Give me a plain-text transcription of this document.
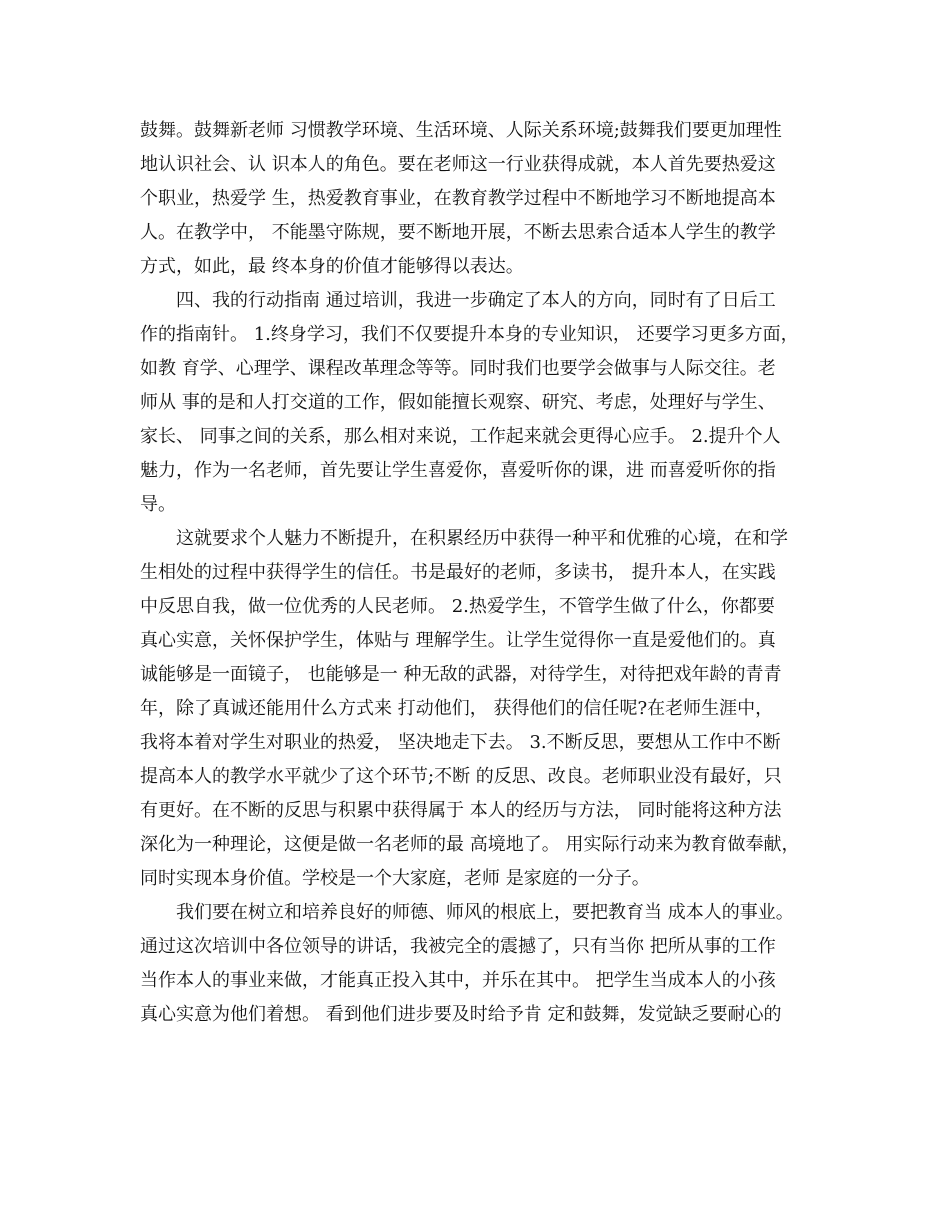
鼓舞。鼓舞新老师 习惯教学环境、生活环境、人际关系环境;鼓舞我们要更加理性
地认识社会、认 识本人的角色。要在老师这一行业获得成就，本人首先要热爱这
个职业，热爱学 生，热爱教育事业，在教育教学过程中不断地学习不断地提高本
人。在教学中， 不能墨守陈规，要不断地开展，不断去思索合适本人学生的教学
方式，如此，最 终本身的价值才能够得以表达。
四、我的行动指南 通过培训，我进一步确定了本人的方向，同时有了日后工
作的指南针。 1.终身学习，我们不仅要提升本身的专业知识， 还要学习更多方面，
如教 育学、心理学、课程改革理念等等。同时我们也要学会做事与人际交往。老
师从 事的是和人打交道的工作，假如能擅长观察、研究、考虑，处理好与学生、
家长、 同事之间的关系，那么相对来说，工作起来就会更得心应手。 2.提升个人
魅力，作为一名老师，首先要让学生喜爱你，喜爱听你的课，进 而喜爱听你的指
导。
这就要求个人魅力不断提升，在积累经历中获得一种平和优雅的心境，在和学
生相处的过程中获得学生的信任。书是最好的老师，多读书， 提升本人，在实践
中反思自我，做一位优秀的人民老师。 2.热爱学生，不管学生做了什么，你都要
真心实意，关怀保护学生，体贴与 理解学生。让学生觉得你一直是爱他们的。真
诚能够是一面镜子， 也能够是一 种无敌的武器，对待学生，对待把戏年龄的青青
年，除了真诚还能用什么方式来 打动他们， 获得他们的信任呢?在老师生涯中，
我将本着对学生对职业的热爱， 坚决地走下去。 3.不断反思，要想从工作中不断
提高本人的教学水平就少了这个环节;不断 的反思、改良。老师职业没有最好，只
有更好。在不断的反思与积累中获得属于 本人的经历与方法， 同时能将这种方法
深化为一种理论，这便是做一名老师的最 高境地了。 用实际行动来为教育做奉献，
同时实现本身价值。学校是一个大家庭，老师 是家庭的一分子。
我们要在树立和培养良好的师德、师风的根底上，要把教育当 成本人的事业。
通过这次培训中各位领导的讲话，我被完全的震撼了，只有当你 把所从事的工作
当作本人的事业来做，才能真正投入其中，并乐在其中。 把学生当成本人的小孩
真心实意为他们着想。 看到他们进步要及时给予肯 定和鼓舞，发觉缺乏要耐心的
